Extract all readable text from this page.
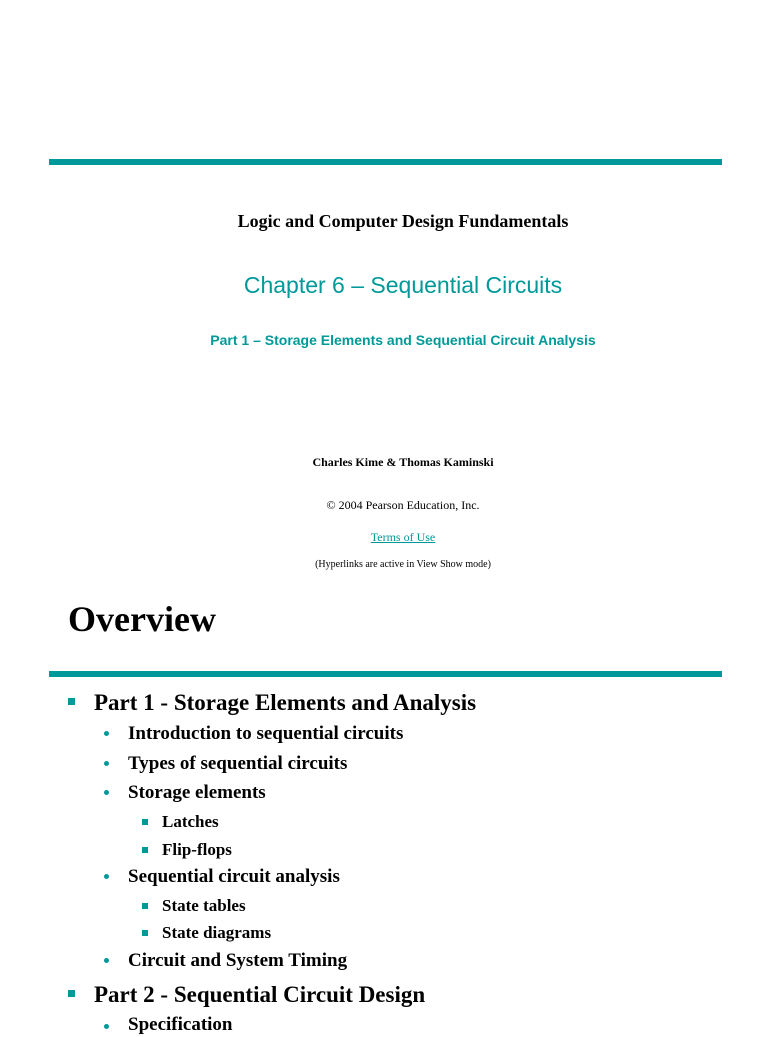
Logic and Computer Design Fundamentals
Chapter 6 – Sequential Circuits
Part 1 – Storage Elements and Sequential Circuit Analysis
Charles Kime & Thomas Kaminski
© 2004 Pearson Education, Inc.
Terms of Use
(Hyperlinks are active in View Show mode)
Overview
Part 1 - Storage Elements and Analysis
Introduction to sequential circuits
Types of sequential circuits
Storage elements
Latches
Flip-flops
Sequential circuit analysis
State tables
State diagrams
Circuit and System Timing
Part 2 - Sequential Circuit Design
Specification
